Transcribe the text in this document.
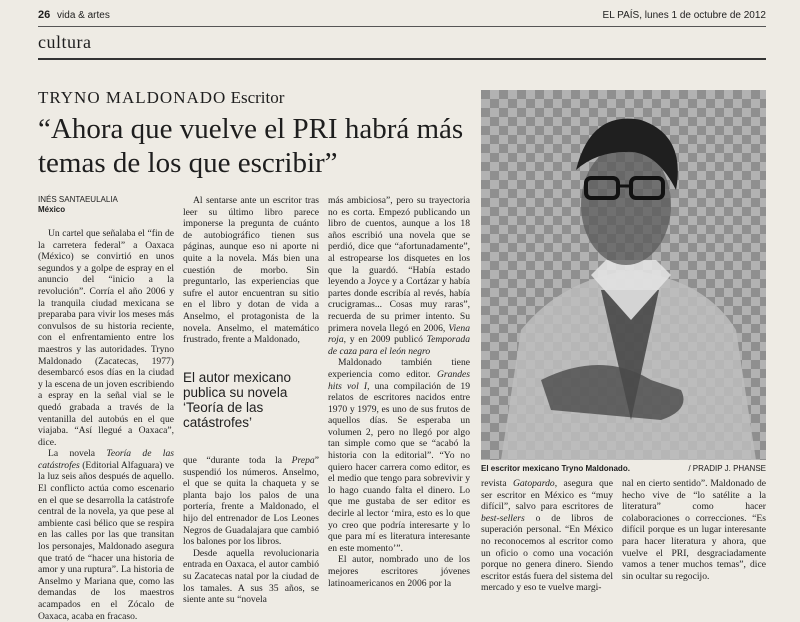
26 vida & artes	EL PAÍS, lunes 1 de octubre de 2012
cultura
TRYNO MALDONADO Escritor
“Ahora que vuelve el PRI habrá más temas de los que escribir”
INÉS SANTAEULALIA
México

Un cartel que señalaba el “fin de la carretera federal” a Oaxaca (México) se convirtió en unos segundos y a golpe de espray en el anuncio del “inicio a la revolución”. Corría el año 2006 y la tranquila ciudad mexicana se preparaba para vivir los meses más convulsos de su historia reciente, con el enfrentamiento entre los maestros y las autoridades. Tryno Maldonado (Zacatecas, 1977) desembarcó esos días en la ciudad y la escena de un joven escribiendo a espray en la señal vial se le quedó grabada a través de la ventanilla del autobús en el que viajaba. “Así llegué a Oaxaca”, dice.

La novela Teoría de las catástrofes (Editorial Alfaguara) ve la luz seis años después de aquello. El conflicto actúa como escenario en el que se desarrolla la catástrofe central de la novela, ya que pese al ambiente casi bélico que se respira en las calles por las que transitan los personajes, Maldonado asegura que trató de “hacer una historia de amor y una ruptura”. La historia de Anselmo y Mariana que, como las demandas de los maestros acampados en el Zócalo de Oaxaca, acaba en fracaso.

Al sentarse ante un escritor tras leer su último libro parece imponerse la pregunta de cuánto de autobiográfico tienen sus páginas, aunque eso ni aporte ni quite a la novela. Más bien una cuestión de morbo. Sin preguntarlo, las experiencias que sufre el autor encuentran su sitio en el libro y dotan de vida a Anselmo, el protagonista de la novela. Anselmo, el matemático frustrado, frente a Maldonado,

El autor mexicano publica su novela ‘Teoría de las catástrofes’

que “durante toda la Prepa” suspendió los números. Anselmo, el que se quita la chaqueta y se planta bajo los palos de una portería, frente a Maldonado, el hijo del entrenador de Los Leones Negros de Guadalajara que cambió los balones por los libros.

Desde aquella revolucionaria entrada en Oaxaca, el autor cambió su Zacatecas natal por la ciudad de los tamales. A sus 35 años, se siente ante su “novela

más ambiciosa”, pero su trayectoria no es corta. Empezó publicando un libro de cuentos, aunque a los 18 años escribió una novela que se perdió, dice que “afortunadamente”, al estropearse los disquetes en los que la guardó. “Había estado leyendo a Joyce y a Cortázar y había partes donde escribía al revés, había crucigramas... Cosas muy raras”, recuerda de su primer intento. Su primera novela llegó en 2006, Viena roja, y en 2009 publicó Temporada de caza para el león negro

Maldonado también tiene experiencia como editor. Grandes hits vol I, una compilación de 19 relatos de escritores nacidos entre 1970 y 1979, es uno de sus frutos de aquellos días. Se esperaba un volumen 2, pero no llegó por algo tan simple como que se “acabó la historia con la editorial”. “Yo no quiero hacer carrera como editor, es el medio que tengo para sobrevivir y lo hago cuando falta el dinero. Lo que me gustaba de ser editor es decirle al lector ‘mira, esto es lo que yo creo que podría interesarte y lo que para mí es literatura interesante en este momento’”.

El autor, nombrado uno de los mejores escritores jóvenes latinoamericanos en 2006 por la

El escritor mexicano Tryno Maldonado.	/ PRADIP J. PHANSE

revista Gatopardo, asegura que ser escritor en México es “muy difícil”, salvo para escritores de best-sellers o de libros de superación personal. “En México no reconocemos al escritor como un oficio o como una vocación porque no genera dinero. Siendo escritor estás fuera del sistema del mercado y eso te vuelve margi-

nal en cierto sentido”. Maldonado de hecho vive de “lo satélite a la literatura” como hacer colaboraciones o correcciones. “Es difícil porque es un lugar interesante para hacer literatura y ahora, que vuelve el PRI, desgraciadamente vamos a tener muchos temas”, dice sin ocultar su regocijo.
